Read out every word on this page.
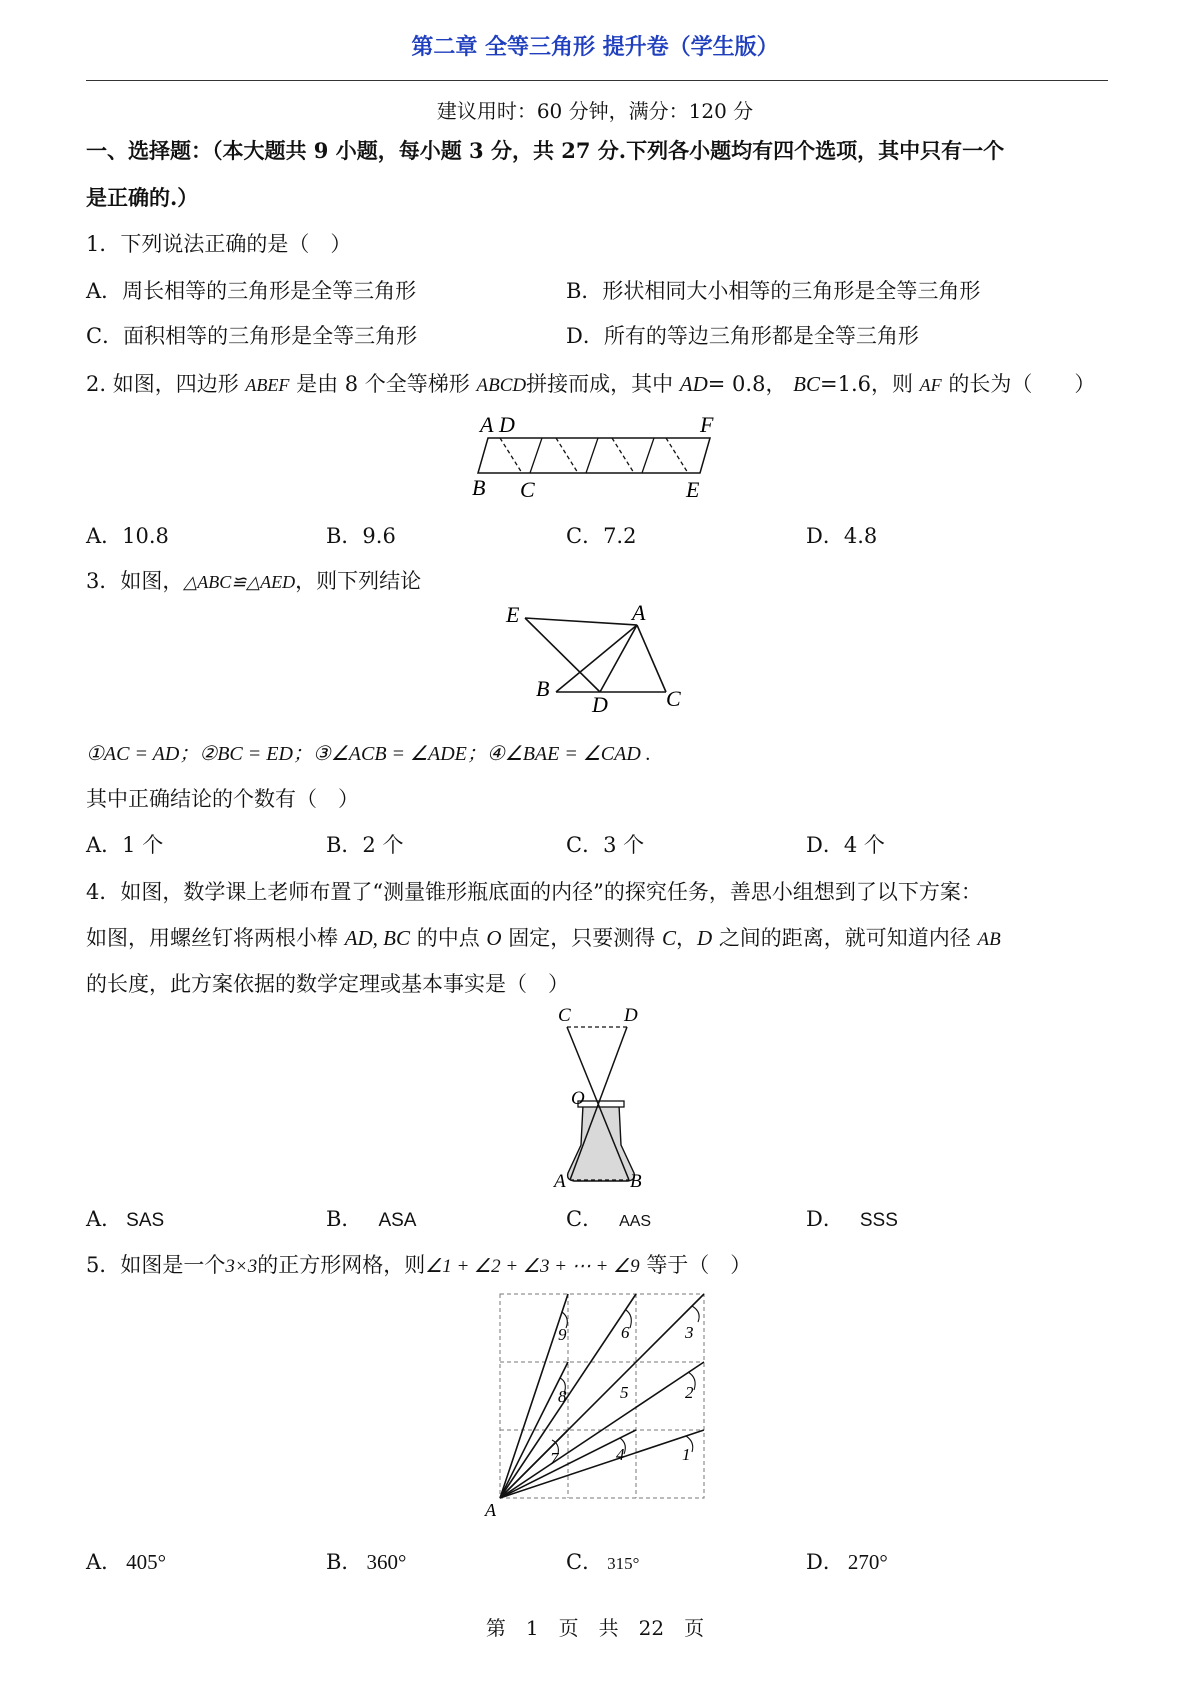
第二章 全等三角形 提升卷（学生版）
建议用时：60 分钟，满分：120 分
一、选择题：（本大题共 9 小题，每小题 3 分，共 27 分.下列各小题均有四个选项，其中只有一个
是正确的.）
1．下列说法正确的是（　）
A．周长相等的三角形是全等三角形	B．形状相同大小相等的三角形是全等三角形
C．面积相等的三角形是全等三角形	D．所有的等边三角形都是全等三角形
2. 如图，四边形 ABEF 是由 8 个全等梯形 ABCD拼接而成，其中 AD= 0.8， BC=1.6，则 AF 的长为（　　）
A D	F
B C	E
A．10.8	B．9.6	C．7.2	D．4.8
3．如图，△ABC≌△AED，则下列结论
E	A
B
D	C
①AC = AD；②BC = ED；③∠ACB = ∠ADE；④∠BAE = ∠CAD .
其中正确结论的个数有（　）
A．1 个	B．2 个	C．3 个	D．4 个
4．如图，数学课上老师布置了“测量锥形瓶底面的内径”的探究任务，善思小组想到了以下方案：
如图，用螺丝钉将两根小棒 AD, BC 的中点 O 固定，只要测得 C，D 之间的距离，就可知道内径 AB
的长度，此方案依据的数学定理或基本事实是（　）
C	D
O
A	B
A． SAS	B． ASA	C． AAS	D． SSS
5．如图是一个3×3的正方形网格，则∠1 + ∠2 + ∠3 + ⋯ + ∠9 等于（　）
1
2
3
4
5
6
7
8
9
A
A． 405°	B． 360°	C． 315°	D． 270°
第　1　页　共　22　页
